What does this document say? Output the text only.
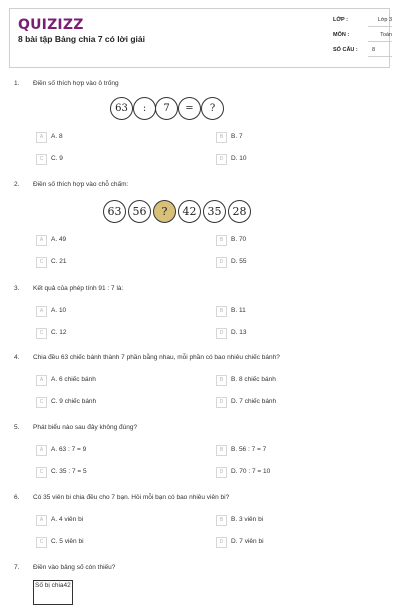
QUIZIZZ
8 bài tập Bảng chia 7 có lời giải
LỚP :	Lớp 3
MÔN :	Toán
SỐ CÂU :	8
1. Điền số thích hợp vào ô trống
63	:	7	=	?
A	A. 8	B	B. 7
C	C. 9	D	D. 10
2. Điền số thích hợp vào chỗ chấm:
63	56	?	42	35	28
A	A. 49	B	B. 70
C	C. 21	D	D. 55
3. Kết quả của phép tính 91 : 7 là:
A	A. 10	B	B. 11
C	C. 12	D	D. 13
4. Chia đều 63 chiếc bánh thành 7 phần bằng nhau, mỗi phần có bao nhiêu chiếc bánh?
A	A. 6 chiếc bánh	B	B. 8 chiếc bánh
C	C. 9 chiếc bánh	D	D. 7 chiếc bánh
5. Phát biểu nào sau đây không đúng?
A	A. 63 : 7 = 9	B	B. 56 : 7 = 7
C	C. 35 : 7 = 5	D	D. 70 : 7 = 10
6. Có 35 viên bi chia đều cho 7 bạn. Hỏi mỗi bạn có bao nhiêu viên bi?
A	A. 4 viên bi	B	B. 3 viên bi
C	C. 5 viên bi	D	D. 7 viên bi
7. Điền vào bảng số còn thiếu?
Số bị chia42
